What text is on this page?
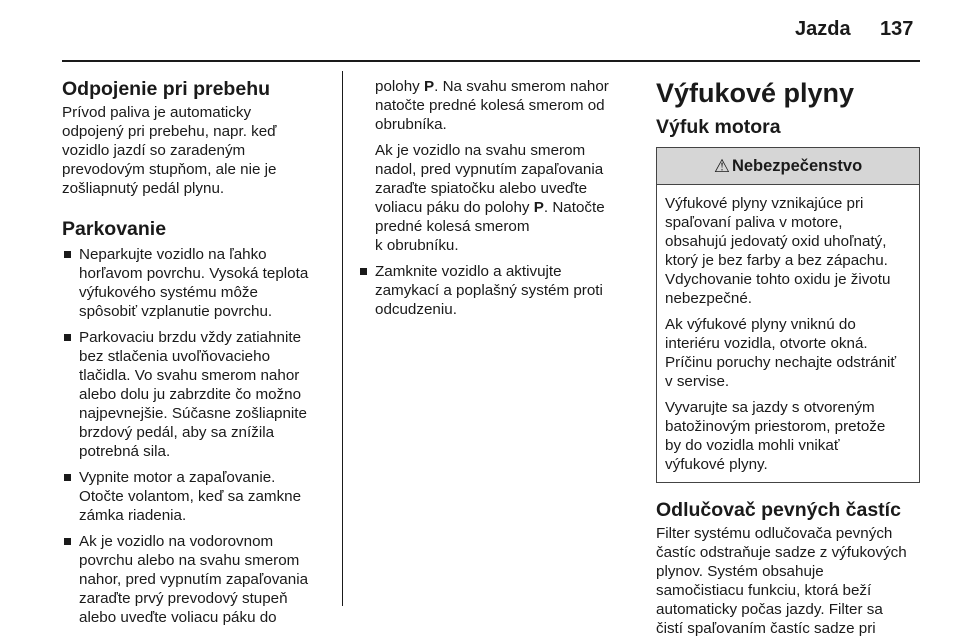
Jazda 137
Odpojenie pri prebehu

Prívod paliva je automaticky
odpojený pri prebehu, napr. keď
vozidlo jazdí so zaradeným
prevodovým stupňom, ale nie je
zošliapnutý pedál plynu.

Parkovanie
Neparkujte vozidlo na ľahko
horľavom povrchu. Vysoká teplota
výfukového systému môže
spôsobiť vzplanutie povrchu.
Parkovaciu brzdu vždy zatiahnite
bez stlačenia uvoľňovacieho
tlačidla. Vo svahu smerom nahor
alebo dolu ju zabrzdite čo možno
najpevnejšie. Súčasne zošliapnite
brzdový pedál, aby sa znížila
potrebná sila.
Vypnite motor a zapaľovanie.
Otočte volantom, keď sa zamkne
zámka riadenia.
Ak je vozidlo na vodorovnom
povrchu alebo na svahu smerom
nahor, pred vypnutím zapaľovania
zaraďte prvý prevodový stupeň
alebo uveďte voliacu páku do

polohy P. Na svahu smerom nahor
natočte predné kolesá smerom od
obrubníka.

Ak je vozidlo na svahu smerom
nadol, pred vypnutím zapaľovania
zaraďte spiatočku alebo uveďte
voliacu páku do polohy P. Natočte
predné kolesá smerom
k obrubníku.

Zamknite vozidlo a aktivujte
zamykací a poplašný systém proti
odcudzeniu.
Výfukové plyny
Výfuk motora
⚠ Nebezpečenstvo

Výfukové plyny vznikajúce pri
spaľovaní paliva v motore,
obsahujú jedovatý oxid uhoľnatý,
ktorý je bez farby a bez zápachu.
Vdychovanie tohto oxidu je životu
nebezpečné.

Ak výfukové plyny vniknú do
interiéru vozidla, otvorte okná.
Príčinu poruchy nechajte odstrániť
v servise.

Vyvarujte sa jazdy s otvoreným
batožinovým priestorom, pretože
by do vozidla mohli vnikať
výfukové plyny.

Odlučovač pevných častíc

Filter systému odlučovača pevných
častíc odstraňuje sadze z výfukových
plynov. Systém obsahuje
samočistiacu funkciu, ktorá beží
automaticky počas jazdy. Filter sa
čistí spaľovaním častíc sadze pri
